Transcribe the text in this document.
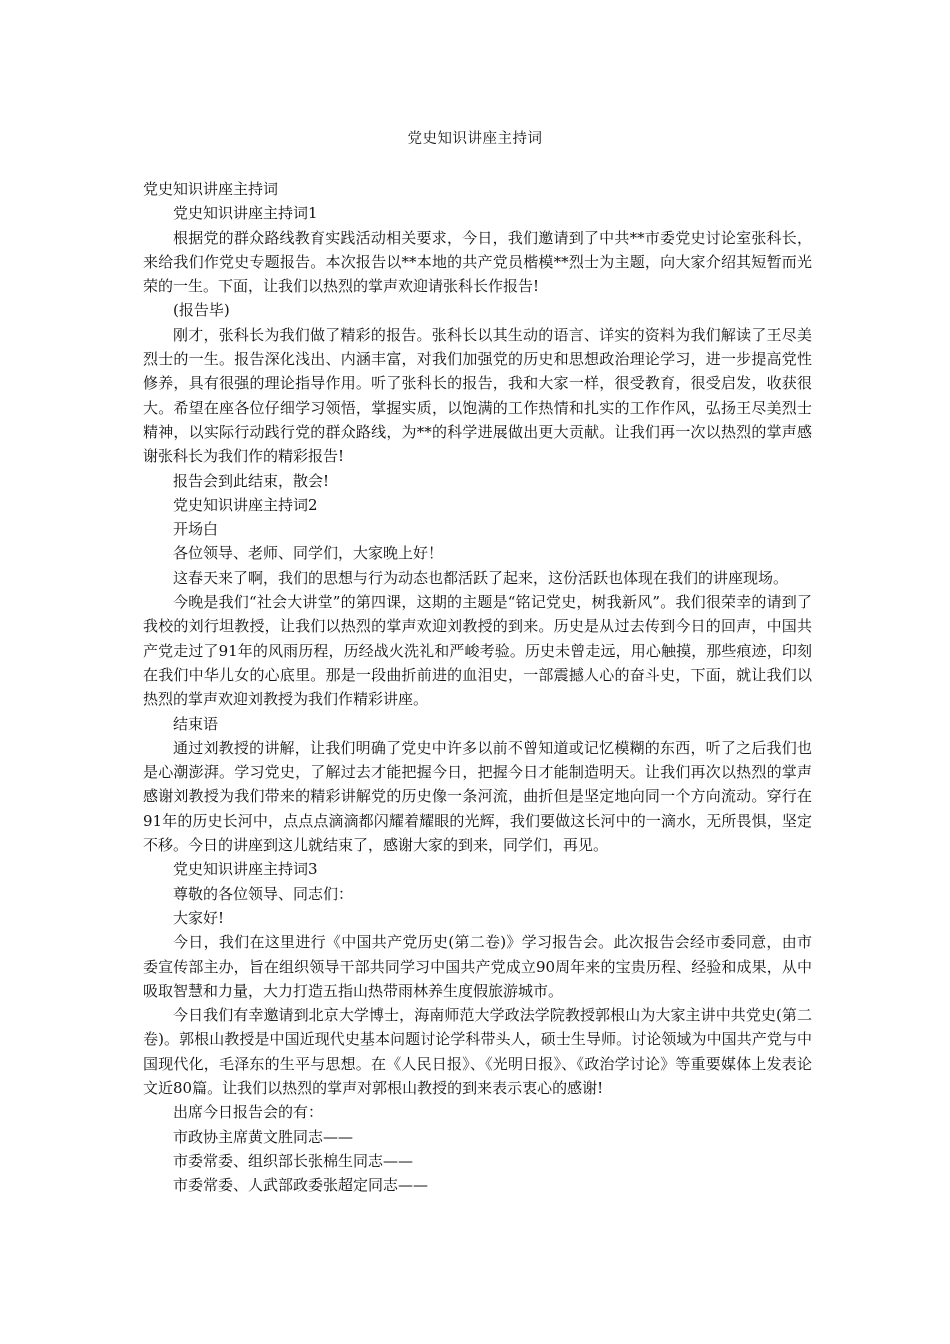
党史知识讲座主持词

党史知识讲座主持词

党史知识讲座主持词1

根据党的群众路线教育实践活动相关要求，今日，我们邀请到了中共**市委党史讨论室张科长，来给我们作党史专题报告。本次报告以**本地的共产党员楷模**烈士为主题，向大家介绍其短暂而光荣的一生。下面，让我们以热烈的掌声欢迎请张科长作报告!

(报告毕)

刚才，张科长为我们做了精彩的报告。张科长以其生动的语言、详实的资料为我们解读了王尽美烈士的一生。报告深化浅出、内涵丰富，对我们加强党的历史和思想政治理论学习，进一步提高党性修养，具有很强的理论指导作用。听了张科长的报告，我和大家一样，很受教育，很受启发，收获很大。希望在座各位仔细学习领悟，掌握实质，以饱满的工作热情和扎实的工作作风，弘扬王尽美烈士精神，以实际行动践行党的群众路线，为**的科学进展做出更大贡献。让我们再一次以热烈的掌声感谢张科长为我们作的精彩报告!

报告会到此结束，散会!

党史知识讲座主持词2

开场白

各位领导、老师、同学们，大家晚上好！

这春天来了啊，我们的思想与行为动态也都活跃了起来，这份活跃也体现在我们的讲座现场。

今晚是我们“社会大讲堂”的第四课，这期的主题是“铭记党史，树我新风”。我们很荣幸的请到了我校的刘行坦教授，让我们以热烈的掌声欢迎刘教授的到来。历史是从过去传到今日的回声，中国共产党走过了91年的风雨历程，历经战火洗礼和严峻考验。历史未曾走远，用心触摸，那些痕迹，印刻在我们中华儿女的心底里。那是一段曲折前进的血泪史，一部震撼人心的奋斗史，下面，就让我们以热烈的掌声欢迎刘教授为我们作精彩讲座。

结束语

通过刘教授的讲解，让我们明确了党史中许多以前不曾知道或记忆模糊的东西，听了之后我们也是心潮澎湃。学习党史，了解过去才能把握今日，把握今日才能制造明天。让我们再次以热烈的掌声感谢刘教授为我们带来的精彩讲解党的历史像一条河流，曲折但是坚定地向同一个方向流动。穿行在91年的历史长河中，点点点滴滴都闪耀着耀眼的光辉，我们要做这长河中的一滴水，无所畏惧，坚定不移。今日的讲座到这儿就结束了，感谢大家的到来，同学们，再见。

党史知识讲座主持词3

尊敬的各位领导、同志们：

大家好!

今日，我们在这里进行《中国共产党历史(第二卷)》学习报告会。此次报告会经市委同意，由市委宣传部主办，旨在组织领导干部共同学习中国共产党成立90周年来的宝贵历程、经验和成果，从中吸取智慧和力量，大力打造五指山热带雨林养生度假旅游城市。

今日我们有幸邀请到北京大学博士，海南师范大学政法学院教授郭根山为大家主讲中共党史(第二卷)。郭根山教授是中国近现代史基本问题讨论学科带头人，硕士生导师。讨论领域为中国共产党与中国现代化，毛泽东的生平与思想。在《人民日报》、《光明日报》、《政治学讨论》等重要媒体上发表论文近80篇。让我们以热烈的掌声对郭根山教授的到来表示衷心的感谢!

出席今日报告会的有：

市政协主席黄文胜同志——

市委常委、组织部长张棉生同志——

市委常委、人武部政委张超定同志——
